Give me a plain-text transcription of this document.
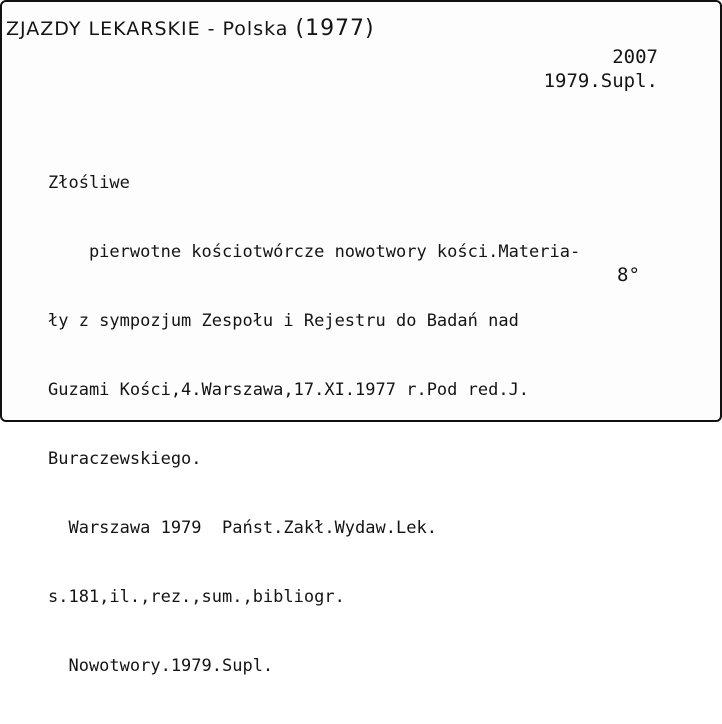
ZJAZDY LEKARSKIE - Polska (1977)
2007
1979.Supl.

Złośliwe

pierwotne kościotwórcze nowotwory kości.Materia-

ły z sympozjum Zespołu i Rejestru do Badań nad

Guzami Kości,4.Warszawa,17.XI.1977 r.Pod red.J.

Buraczewskiego.

Warszawa 1979  Państ.Zakł.Wydaw.Lek.

s.181,il.,rez.,sum.,bibliogr.

Nowotwory.1979.Supl.

8°
